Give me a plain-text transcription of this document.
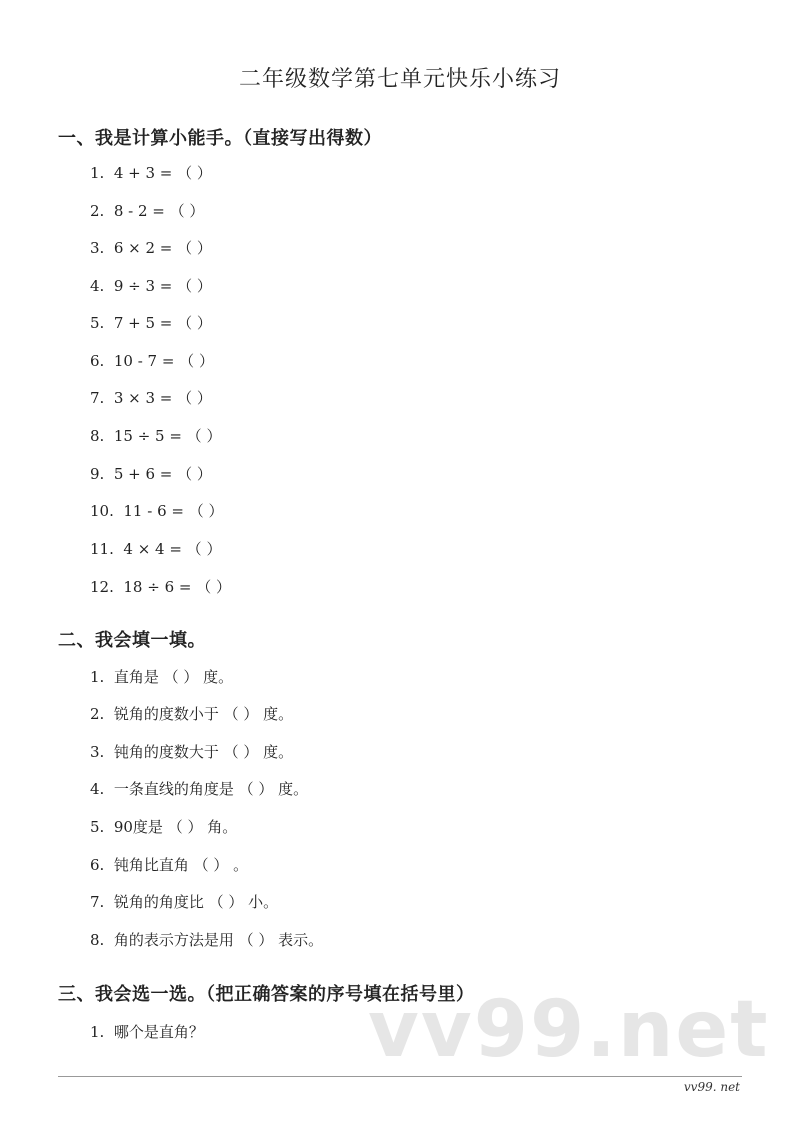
vv99.net
二年级数学第七单元快乐小练习
一、我是计算小能手。（直接写出得数）
1.  4 + 3 = （ ）
2.  8 - 2 = （ ）
3.  6 × 2 = （ ）
4.  9 ÷ 3 = （ ）
5.  7 + 5 = （ ）
6.  10 - 7 = （ ）
7.  3 × 3 = （ ）
8.  15 ÷ 5 = （ ）
9.  5 + 6 = （ ）
10.  11 - 6 = （ ）
11.  4 × 4 = （ ）
12.  18 ÷ 6 = （ ）
二、我会填一填。
1.  直角是 （ ） 度。
2.  锐角的度数小于 （ ） 度。
3.  钝角的度数大于 （ ） 度。
4.  一条直线的角度是 （ ） 度。
5.  90度是 （ ） 角。
6.  钝角比直角 （ ） 。
7.  锐角的角度比 （ ） 小。
8.  角的表示方法是用 （ ） 表示。
三、我会选一选。（把正确答案的序号填在括号里）
1.  哪个是直角？
vv99. net
